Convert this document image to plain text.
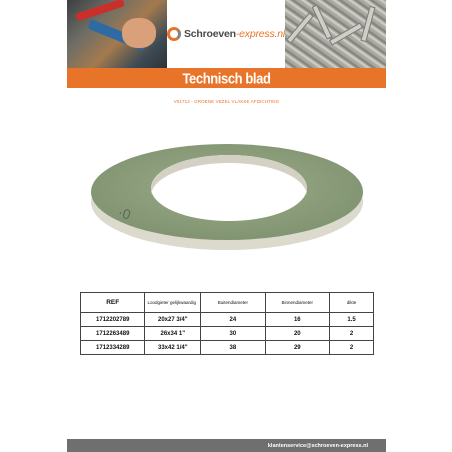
Schroeven-express.nl
Technisch blad
V51712 - GROENE VEZEL VLAKKE AFDICHTING
·0
REF	Loodgieter gelijkwaardig	Buitendiameter	Binnendiameter	dikte
1712202789	20x27 3/4"	24	16	1.5
1712263489	26x34 1"	30	20	2
1712334289	33x42 1/4"	38	29	2
klantenservice@schroeven-express.nl
